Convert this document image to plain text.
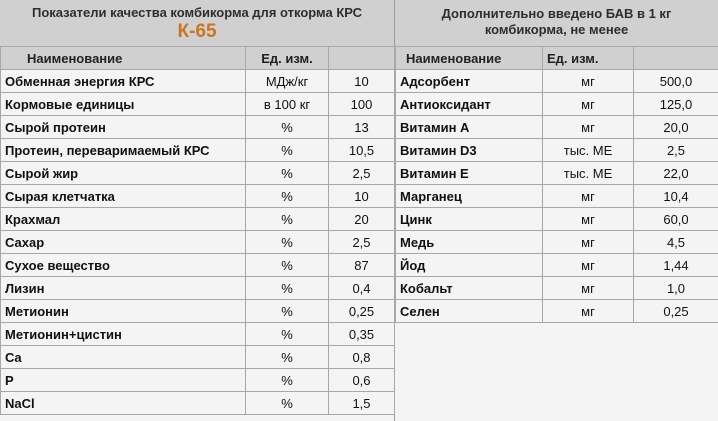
Показатели качества комбикорма для откорма КРС
К-65
Наименование	Ед. изм.	
Обменная энергия КРС	МДж/кг	10
Кормовые единицы	в 100 кг	100
Сырой протеин	%	13
Протеин, переваримаемый КРС	%	10,5
Сырой жир	%	2,5
Сырая клетчатка	%	10
Крахмал	%	20
Сахар	%	2,5
Сухое вещество	%	87
Лизин	%	0,4
Метионин	%	0,25
Метионин+цистин	%	0,35
Ca	%	0,8
P	%	0,6
NaCl	%	1,5
Дополнительно введено БАВ в 1 кг
комбикорма, не менее
Наименование	Ед. изм.	
Адсорбент	мг	500,0
Антиоксидант	мг	125,0
Витамин А	мг	20,0
Витамин D3	тыс. МЕ	2,5
Витамин Е	тыс. МЕ	22,0
Марганец	мг	10,4
Цинк	мг	60,0
Медь	мг	4,5
Йод	мг	1,44
Кобальт	мг	1,0
Селен	мг	0,25
